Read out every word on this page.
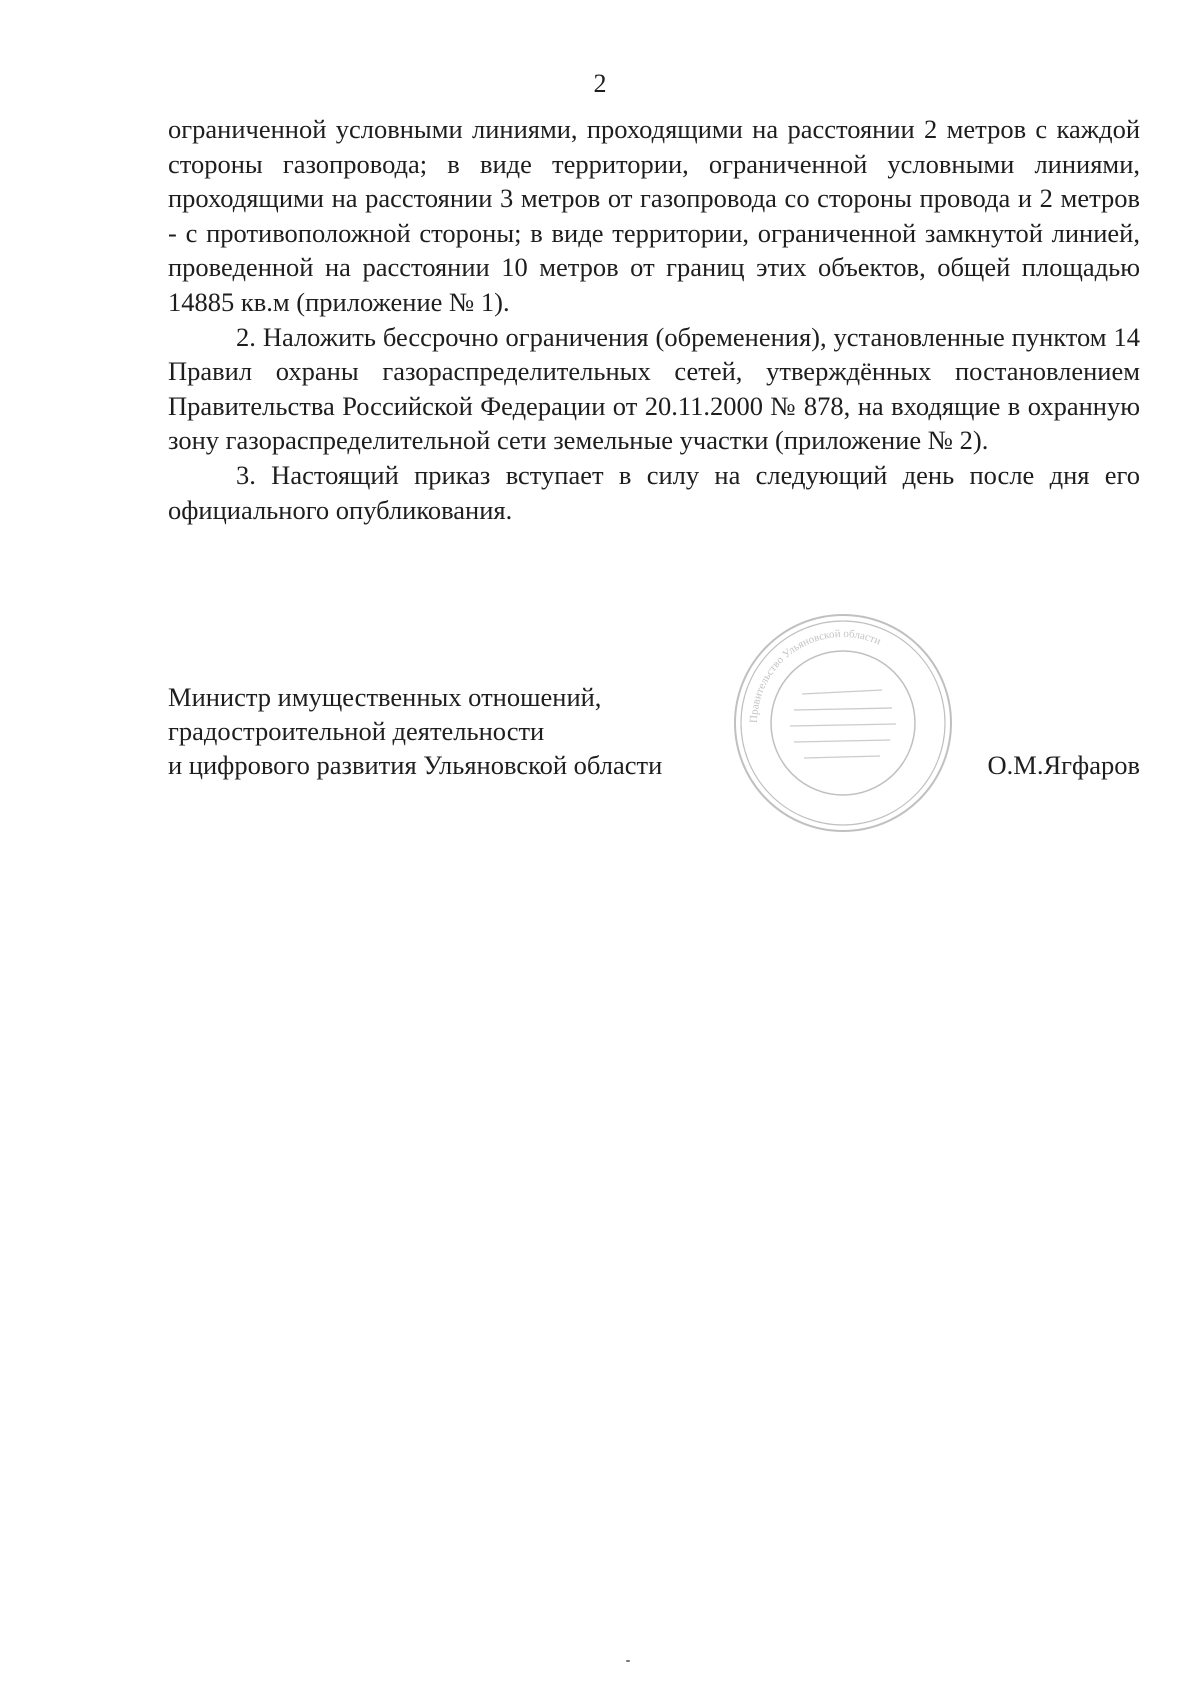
2

ограниченной условными линиями, проходящими на расстоянии 2 метров с каждой стороны газопровода; в виде территории, ограниченной условными линиями, проходящими на расстоянии 3 метров от газопровода со стороны провода и 2 метров - с противоположной стороны; в виде территории, ограниченной замкнутой линией, проведенной на расстоянии 10 метров от границ этих объектов, общей площадью 14885 кв.м (приложение № 1).

2. Наложить бессрочно ограничения (обременения), установленные пунктом 14 Правил охраны газораспределительных сетей, утверждённых постановлением Правительства Российской Федерации от 20.11.2000 № 878, на входящие в охранную зону газораспределительной сети земельные участки (приложение № 2).

3. Настоящий приказ вступает в силу на следующий день после дня его официального опубликования.

Правительство Ульяновской области
Министр имущественных отношений,
градостроительной деятельности
и цифрового развития Ульяновской области	О.М.Ягфаров
